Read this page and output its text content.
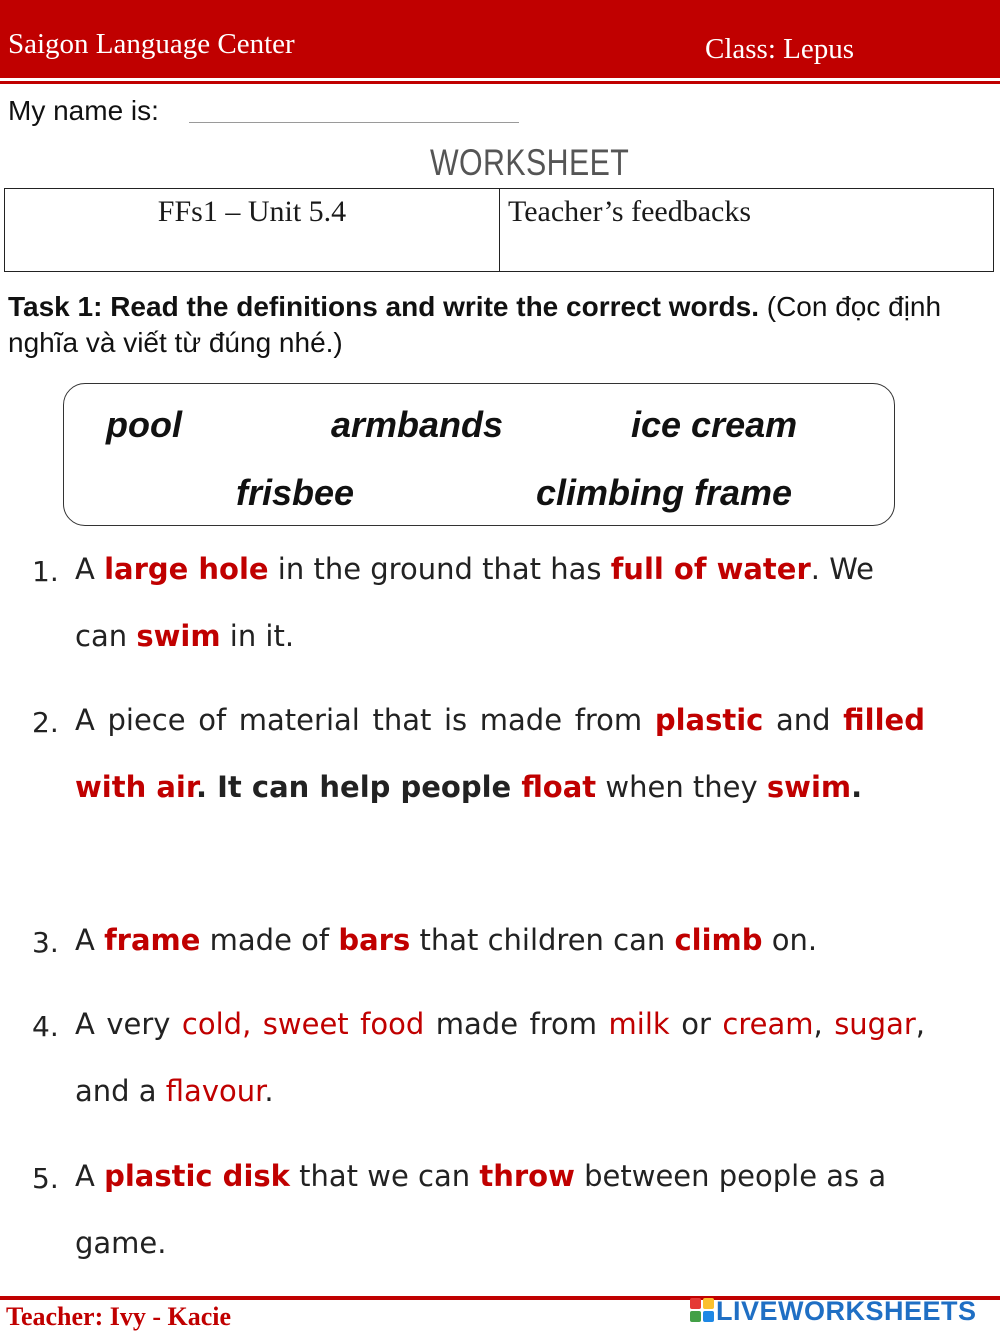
Saigon Language Center	Class: Lepus
My name is:
WORKSHEET
FFs1 – Unit 5.4	Teacher’s feedbacks
Task 1: Read the definitions and write the correct words. (Con đọc định nghĩa và viết từ đúng nhé.)
pool	armbands	ice cream
frisbee	climbing frame
1. A large hole in the ground that has full of water. We can swim in it.
2. A piece of material that is made from plastic and filled with air. It can help people float when they swim.
3. A frame made of bars that children can climb on.
4. A very cold, sweet food made from milk or cream, sugar, and a flavour.
5. A plastic disk that we can throw between people as a game.
Teacher: Ivy - Kacie	LIVEWORKSHEETS
